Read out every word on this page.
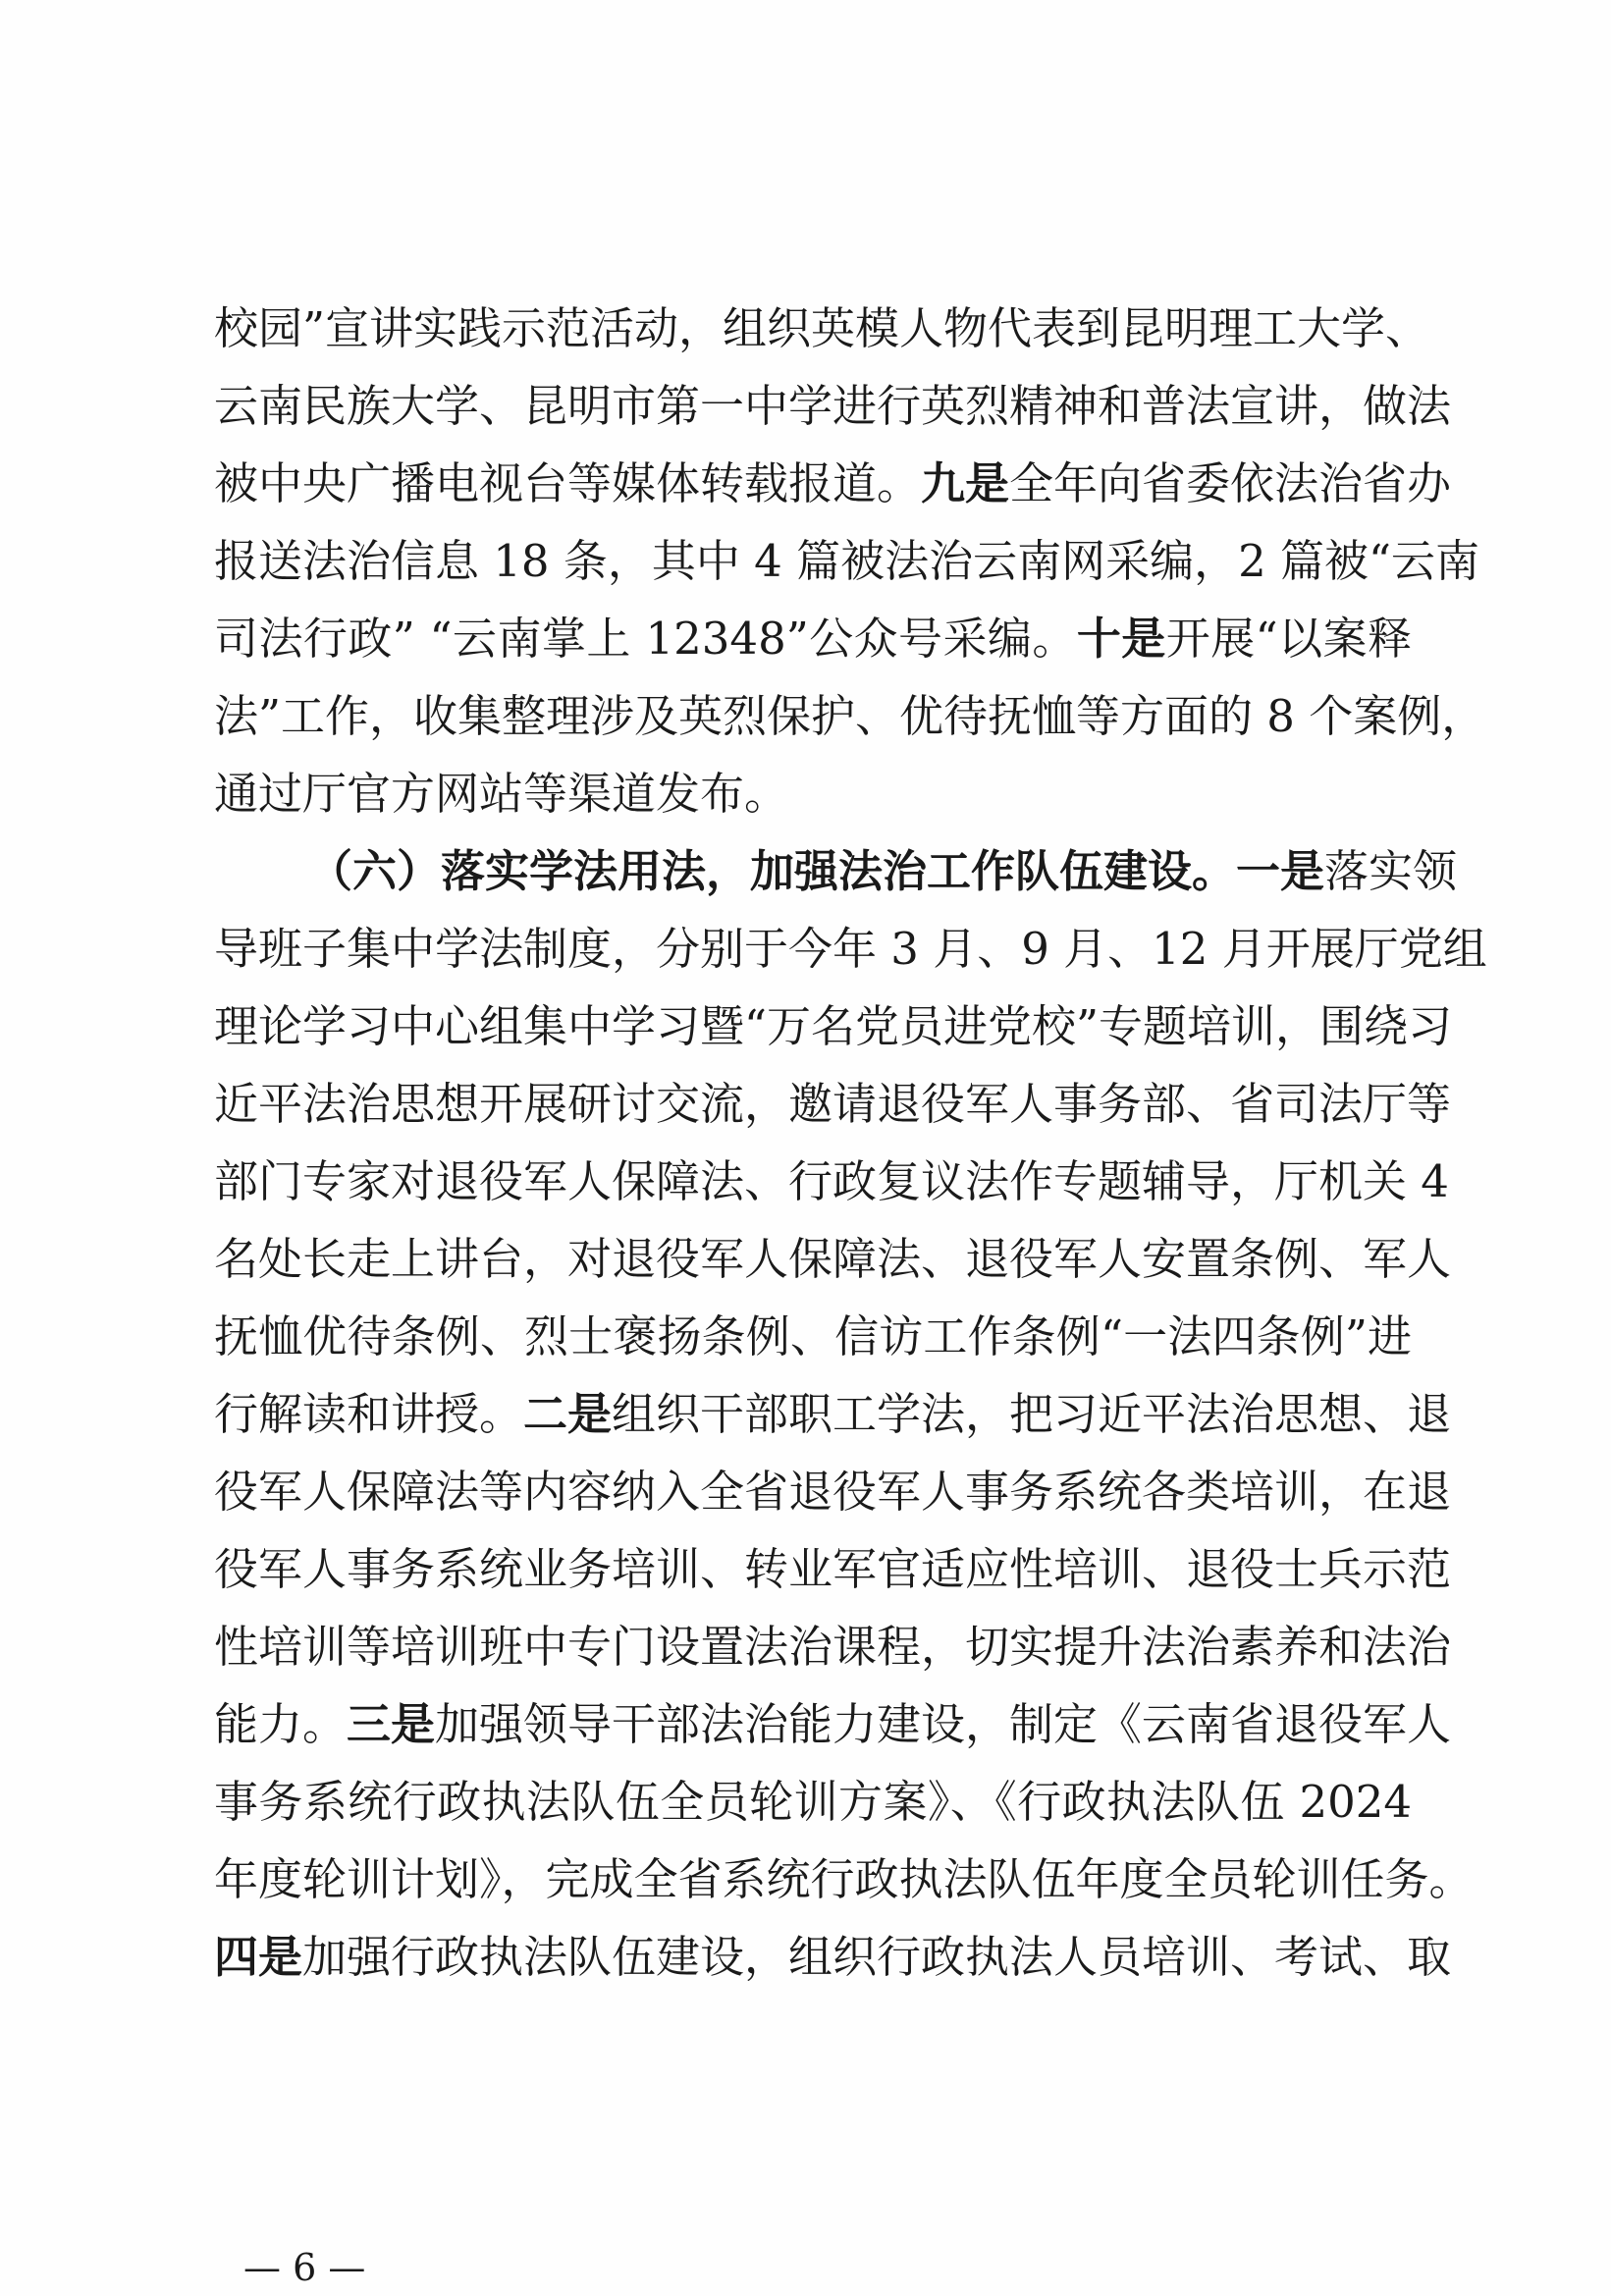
校园”宣讲实践示范活动，组织英模人物代表到昆明理工大学、
云南民族大学、昆明市第一中学进行英烈精神和普法宣讲，做法
被中央广播电视台等媒体转载报道。九是全年向省委依法治省办
报送法治信息 18 条，其中 4 篇被法治云南网采编，2 篇被“云南
司法行政” “云南掌上 12348”公众号采编。十是开展“以案释
法”工作，收集整理涉及英烈保护、优待抚恤等方面的 8 个案例，
通过厅官方网站等渠道发布。
（六）落实学法用法，加强法治工作队伍建设。一是落实领
导班子集中学法制度，分别于今年 3 月、9 月、12 月开展厅党组
理论学习中心组集中学习暨“万名党员进党校”专题培训，围绕习
近平法治思想开展研讨交流，邀请退役军人事务部、省司法厅等
部门专家对退役军人保障法、行政复议法作专题辅导，厅机关 4
名处长走上讲台，对退役军人保障法、退役军人安置条例、军人
抚恤优待条例、烈士褒扬条例、信访工作条例“一法四条例”进
行解读和讲授。二是组织干部职工学法，把习近平法治思想、退
役军人保障法等内容纳入全省退役军人事务系统各类培训，在退
役军人事务系统业务培训、转业军官适应性培训、退役士兵示范
性培训等培训班中专门设置法治课程，切实提升法治素养和法治
能力。三是加强领导干部法治能力建设，制定《云南省退役军人
事务系统行政执法队伍全员轮训方案》、《行政执法队伍 2024
年度轮训计划》，完成全省系统行政执法队伍年度全员轮训任务。
四是加强行政执法队伍建设，组织行政执法人员培训、考试、取
— 6 —
